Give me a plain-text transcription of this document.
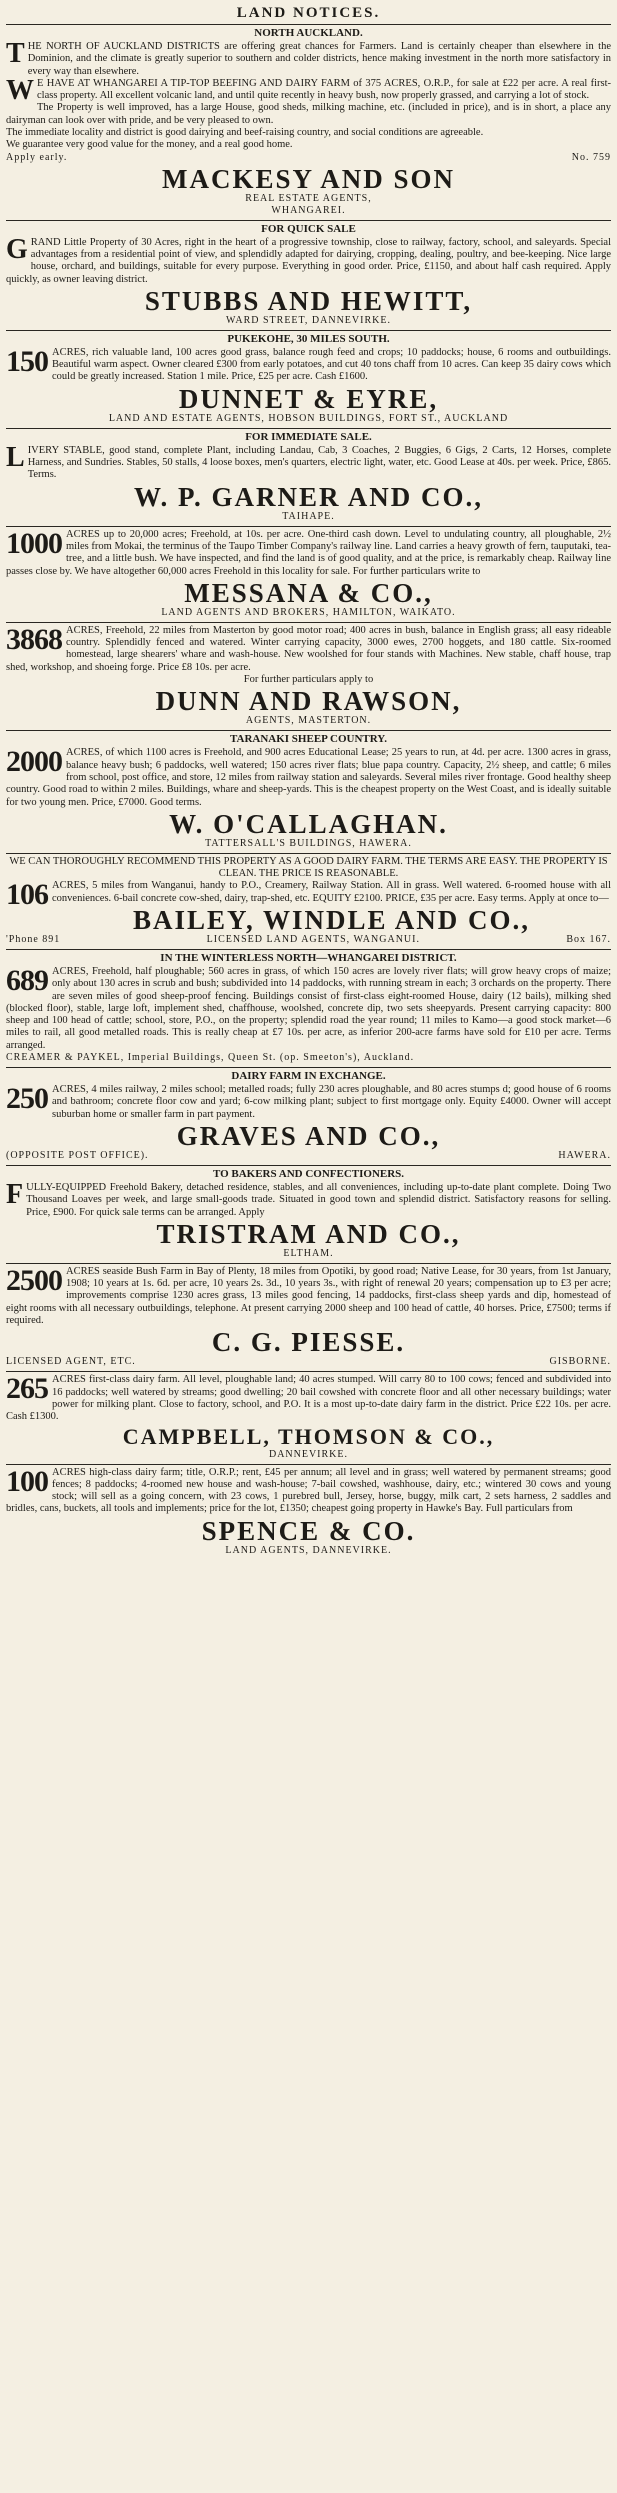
LAND NOTICES.
NORTH AUCKLAND.

THE NORTH OF AUCKLAND DISTRICTS are offering great chances for Farmers. Land is certainly cheaper than elsewhere in the Dominion, and the climate is greatly superior to southern and colder districts, hence making investment in the north more satisfactory in every way than elsewhere.

WE HAVE AT WHANGAREI A TIP-TOP BEEFING AND DAIRY FARM of 375 ACRES, O.R.P., for sale at £22 per acre. A real first-class property. All excellent volcanic land, and until quite recently in heavy bush, now properly grassed, and carrying a lot of stock.

The Property is well improved, has a large House, good sheds, milking machine, etc. (included in price), and is in short, a place any dairyman can look over with pride, and be very pleased to own.

The immediate locality and district is good dairying and beef-raising country, and social conditions are agreeable.

We guarantee very good value for the money, and a real good home.

Apply early.	No. 759
MACKESY AND SON
REAL ESTATE AGENTS,
WHANGAREI.
FOR QUICK SALE

GRAND Little Property of 30 Acres, right in the heart of a progressive township, close to railway, factory, school, and saleyards. Special advantages from a residential point of view, and splendidly adapted for dairying, cropping, dealing, poultry, and bee-keeping. Nice large house, orchard, and buildings, suitable for every purpose. Everything in good order. Price, £1150, and about half cash required. Apply quickly, as owner leaving district.

STUBBS AND HEWITT,
WARD STREET, DANNEVIRKE.
PUKEKOHE, 30 MILES SOUTH.

150 ACRES, rich valuable land, 100 acres good grass, balance rough feed and crops; 10 paddocks; house, 6 rooms and outbuildings. Beautiful warm aspect. Owner cleared £300 from early potatoes, and cut 40 tons chaff from 10 acres. Can keep 35 dairy cows which could be greatly increased. Station 1 mile. Price, £25 per acre. Cash £1600.

DUNNET & EYRE,
LAND AND ESTATE AGENTS, HOBSON BUILDINGS, FORT ST., AUCKLAND
FOR IMMEDIATE SALE.

LIVERY STABLE, good stand, complete Plant, including Landau, Cab, 3 Coaches, 2 Buggies, 6 Gigs, 2 Carts, 12 Horses, complete Harness, and Sundries. Stables, 50 stalls, 4 loose boxes, men's quarters, electric light, water, etc. Good Lease at 40s. per week. Price, £865. Terms.

W. P. GARNER AND CO.,
TAIHAPE.

1000 ACRES up to 20,000 acres; Freehold, at 10s. per acre. One-third cash down. Level to undulating country, all ploughable, 2½ miles from Mokai, the terminus of the Taupo Timber Company's railway line. Land carries a heavy growth of fern, tauputaki, tea-tree, and a little bush. We have inspected, and find the land is of good quality, and at the price, is remarkably cheap. Railway line passes close by. We have altogether 60,000 acres Freehold in this locality for sale. For further particulars write to

MESSANA & CO.,
LAND AGENTS AND BROKERS, HAMILTON, WAIKATO.

3868 ACRES, Freehold, 22 miles from Masterton by good motor road; 400 acres in bush, balance in English grass; all easy rideable country. Splendidly fenced and watered. Winter carrying capacity, 3000 ewes, 2700 hoggets, and 180 cattle. Six-roomed homestead, large shearers' whare and wash-house. New woolshed for four stands with Machines. New stable, chaff house, trap shed, workshop, and shoeing forge. Price £8 10s. per acre.

For further particulars apply to

DUNN AND RAWSON,
AGENTS, MASTERTON.
TARANAKI SHEEP COUNTRY.

2000 ACRES, of which 1100 acres is Freehold, and 900 acres Educational Lease; 25 years to run, at 4d. per acre. 1300 acres in grass, balance heavy bush; 6 paddocks, well watered; 150 acres river flats; blue papa country. Capacity, 2½ sheep, and cattle; 6 miles from school, post office, and store, 12 miles from railway station and saleyards. Several miles river frontage. Good healthy sheep country. Good road to within 2 miles. Buildings, whare and sheep-yards. This is the cheapest property on the West Coast, and is ideally suitable for two young men. Price, £7000. Good terms.

W. O'CALLAGHAN.
TATTERSALL'S BUILDINGS, HAWERA.

WE CAN THOROUGHLY RECOMMEND THIS PROPERTY AS A GOOD DAIRY FARM. THE TERMS ARE EASY. THE PROPERTY IS CLEAN. THE PRICE IS REASONABLE.

106 ACRES, 5 miles from Wanganui, handy to P.O., Creamery, Railway Station. All in grass. Well watered. 6-roomed house with all conveniences. 6-bail concrete cow-shed, dairy, trap-shed, etc. EQUITY £2100. PRICE, £35 per acre. Easy terms. Apply at once to—

BAILEY, WINDLE AND CO.,
'Phone 891	LICENSED LAND AGENTS, WANGANUI.	Box 167.
IN THE WINTERLESS NORTH—WHANGAREI DISTRICT.

689 ACRES, Freehold, half ploughable; 560 acres in grass, of which 150 acres are lovely river flats; will grow heavy crops of maize; only about 130 acres in scrub and bush; subdivided into 14 paddocks, with running stream in each; 3 orchards on the property. There are seven miles of good sheep-proof fencing. Buildings consist of first-class eight-roomed House, dairy (12 bails), milking shed (blocked floor), stable, large loft, implement shed, chaffhouse, woolshed, concrete dip, two sets sheepyards. Present carrying capacity: 800 sheep and 100 head of cattle; school, store, P.O., on the property; splendid road the year round; 11 miles to Kamo—a good stock market—6 miles to rail, all good metalled roads. This is really cheap at £7 10s. per acre, as inferior 200-acre farms have sold for £10 per acre. Terms arranged.

CREAMER & PAYKEL, Imperial Buildings, Queen St. (op. Smeeton's), Auckland.
DAIRY FARM IN EXCHANGE.

250 ACRES, 4 miles railway, 2 miles school; metalled roads; fully 230 acres ploughable, and 80 acres stumps d; good house of 6 rooms and bathroom; concrete floor cow and yard; 6-cow milking plant; subject to first mortgage only. Equity £4000. Owner will accept suburban home or smaller farm in part payment.

GRAVES AND CO.,
(OPPOSITE POST OFFICE).	HAWERA.
TO BAKERS AND CONFECTIONERS.

FULLY-EQUIPPED Freehold Bakery, detached residence, stables, and all conveniences, including up-to-date plant complete. Doing Two Thousand Loaves per week, and large small-goods trade. Situated in good town and splendid district. Satisfactory reasons for selling. Price, £900. For quick sale terms can be arranged. Apply

TRISTRAM AND CO.,
ELTHAM.

2500 ACRES seaside Bush Farm in Bay of Plenty, 18 miles from Opotiki, by good road; Native Lease, for 30 years, from 1st January, 1908; 10 years at 1s. 6d. per acre, 10 years 2s. 3d., 10 years 3s., with right of renewal 20 years; compensation up to £3 per acre; improvements comprise 1230 acres grass, 13 miles good fencing, 14 paddocks, first-class sheep yards and dip, homestead of eight rooms with all necessary outbuildings, telephone. At present carrying 2000 sheep and 100 head of cattle, 40 horses. Price, £7500; terms if required.

C. G. PIESSE.
LICENSED AGENT, ETC.	GISBORNE.

265 ACRES first-class dairy farm. All level, ploughable land; 40 acres stumped. Will carry 80 to 100 cows; fenced and subdivided into 16 paddocks; well watered by streams; good dwelling; 20 bail cowshed with concrete floor and all other necessary buildings; water power for milking plant. Close to factory, school, and P.O. It is a most up-to-date dairy farm in the district. Price £22 10s. per acre. Cash £1300.

CAMPBELL, THOMSON & CO.,
DANNEVIRKE.

100 ACRES high-class dairy farm; title, O.R.P.; rent, £45 per annum; all level and in grass; well watered by permanent streams; good fences; 8 paddocks; 4-roomed new house and wash-house; 7-bail cowshed, washhouse, dairy, etc.; wintered 30 cows and young stock; will sell as a going concern, with 23 cows, 1 purebred bull, Jersey, horse, buggy, milk cart, 2 sets harness, 2 saddles and bridles, cans, buckets, all tools and implements; price for the lot, £1350; cheapest going property in Hawke's Bay. Full particulars from

SPENCE & CO.
LAND AGENTS, DANNEVIRKE.
